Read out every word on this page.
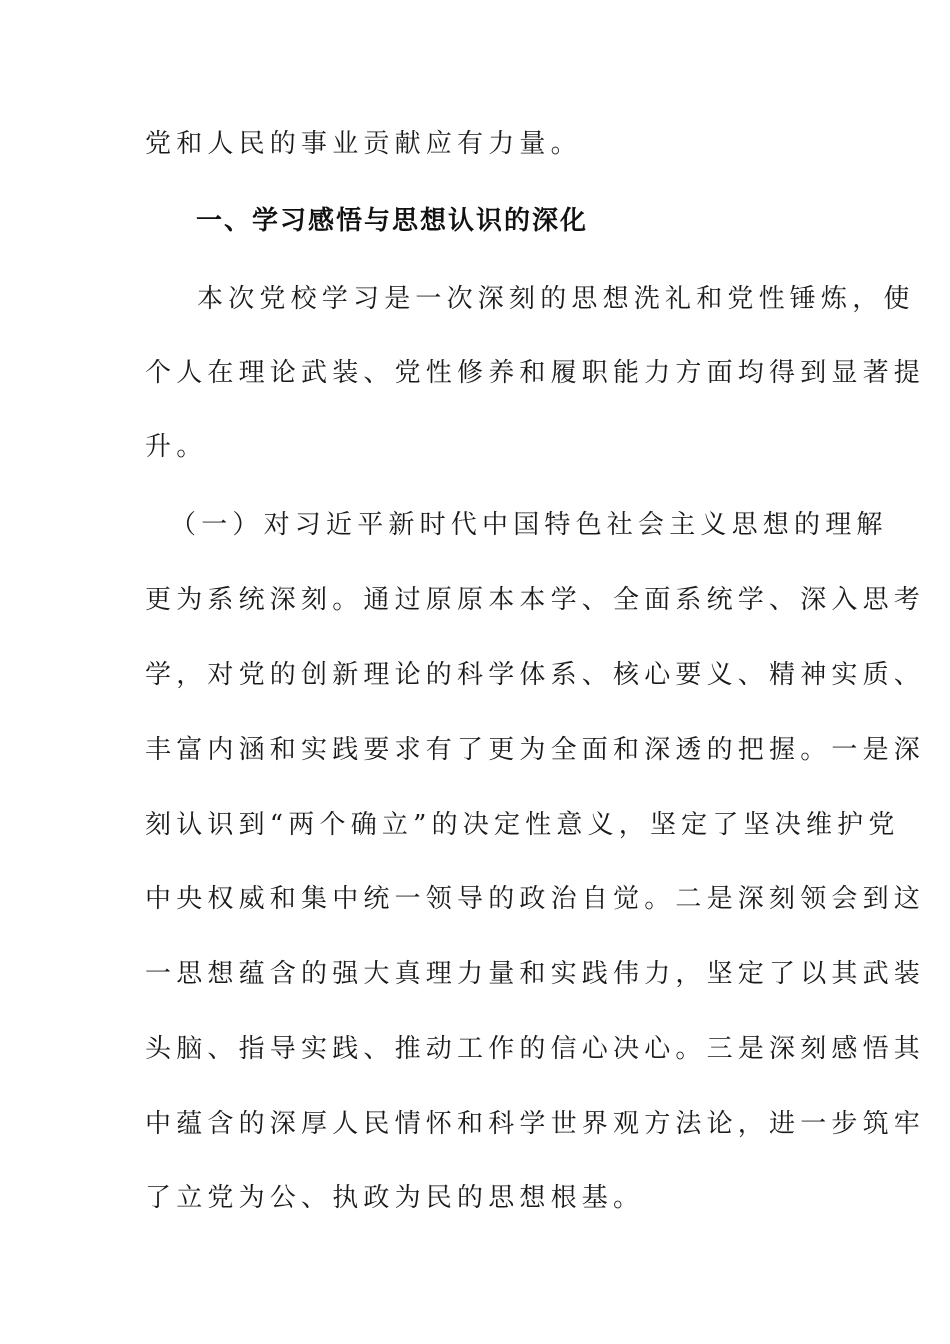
党和人民的事业贡献应有力量。
一、学习感悟与思想认识的深化
本次党校学习是一次深刻的思想洗礼和党性锤炼，使
个人在理论武装、党性修养和履职能力方面均得到显著提
升。
（一）对习近平新时代中国特色社会主义思想的理解
更为系统深刻。通过原原本本学、全面系统学、深入思考
学，对党的创新理论的科学体系、核心要义、精神实质、
丰富内涵和实践要求有了更为全面和深透的把握。一是深
刻认识到“两个确立”的决定性意义，坚定了坚决维护党
中央权威和集中统一领导的政治自觉。二是深刻领会到这
一思想蕴含的强大真理力量和实践伟力，坚定了以其武装
头脑、指导实践、推动工作的信心决心。三是深刻感悟其
中蕴含的深厚人民情怀和科学世界观方法论，进一步筑牢
了立党为公、执政为民的思想根基。
